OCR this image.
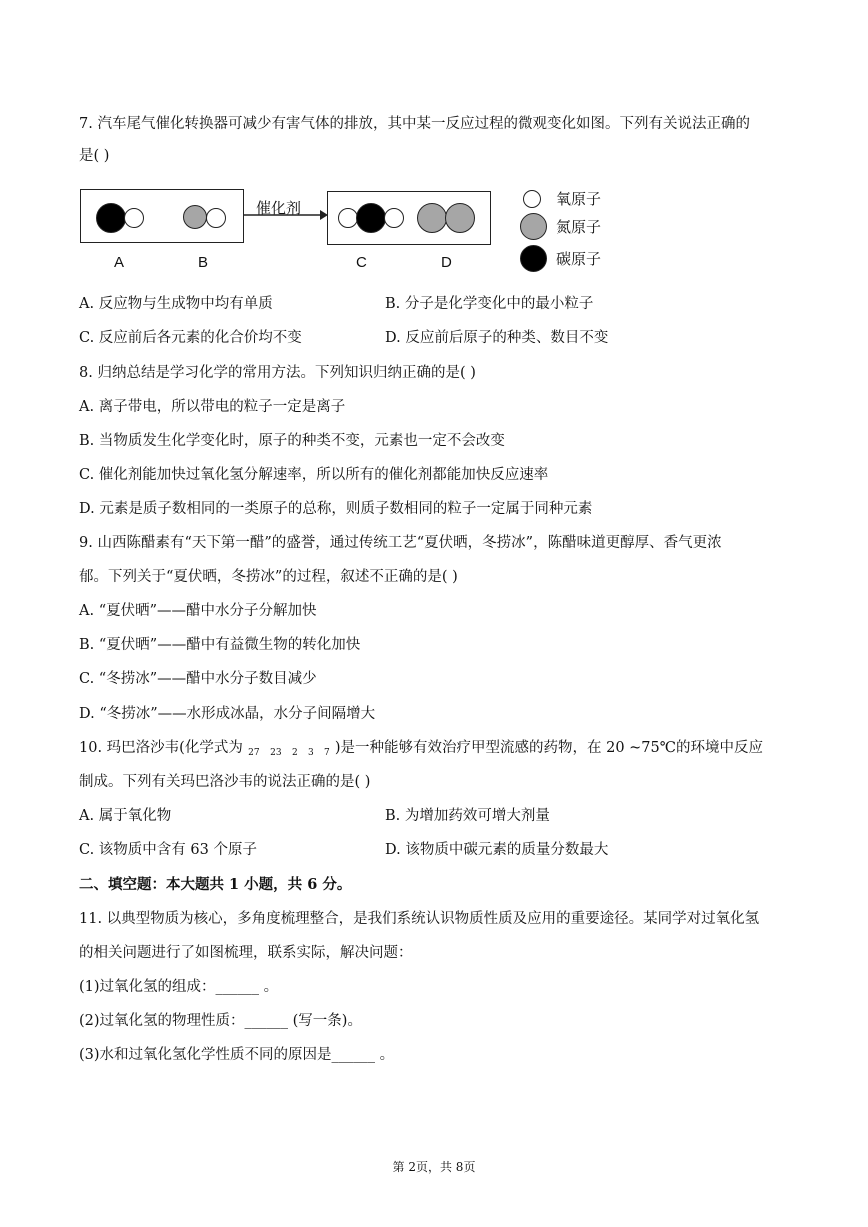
7. 汽车尾气催化转换器可减少有害气体的排放，其中某一反应过程的微观变化如图。下列有关说法正确的
是( )
催化剂
A	B	C	D
氧原子
氮原子
碳原子
A. 反应物与生成物中均有单质	B. 分子是化学变化中的最小粒子
C. 反应前后各元素的化合价均不变	D. 反应前后原子的种类、数目不变
8. 归纳总结是学习化学的常用方法。下列知识归纳正确的是( )
A. 离子带电，所以带电的粒子一定是离子
B. 当物质发生化学变化时，原子的种类不变，元素也一定不会改变
C. 催化剂能加快过氧化氢分解速率，所以所有的催化剂都能加快反应速率
D. 元素是质子数相同的一类原子的总称，则质子数相同的粒子一定属于同种元素
9. 山西陈醋素有“天下第一醋”的盛誉，通过传统工艺“夏伏晒，冬捞冰”，陈醋味道更醇厚、香气更浓
郁。下列关于“夏伏晒，冬捞冰”的过程，叙述不正确的是( )
A. “夏伏晒”——醋中水分子分解加快
B. “夏伏晒”——醋中有益微生物的转化加快
C. “冬捞冰”——醋中水分子数目减少
D. “冬捞冰”——水形成冰晶，水分子间隔增大
10. 玛巴洛沙韦(化学式为 27 23 2 3 7 )是一种能够有效治疗甲型流感的药物，在 20 ~75℃的环境中反应
制成。下列有关玛巴洛沙韦的说法正确的是( )
A. 属于氧化物	B. 为增加药效可增大剂量
C. 该物质中含有 63 个原子	D. 该物质中碳元素的质量分数最大
二、填空题：本大题共 1 小题，共 6 分。
11. 以典型物质为核心，多角度梳理整合，是我们系统认识物质性质及应用的重要途径。某同学对过氧化氢
的相关问题进行了如图梳理，联系实际，解决问题：
(1)过氧化氢的组成：______ 。
(2)过氧化氢的物理性质：______ (写一条)。
(3)水和过氧化氢化学性质不同的原因是______ 。
第 2页，共 8页
